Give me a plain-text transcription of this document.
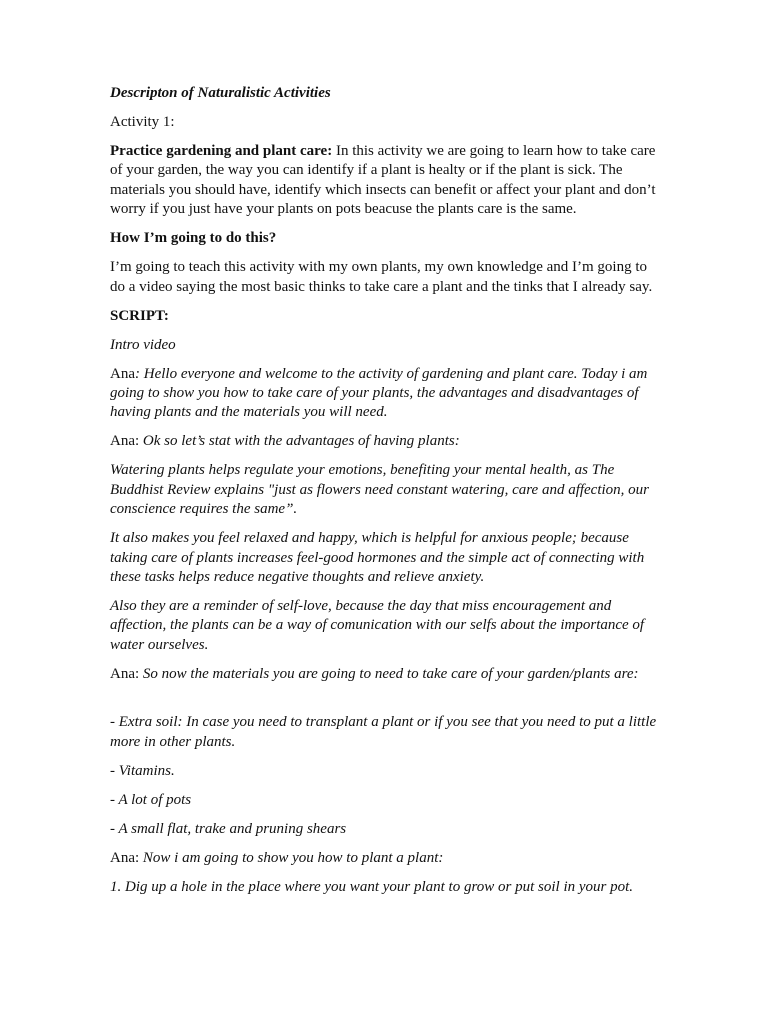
Descripton of Naturalistic Activities

Activity 1:

Practice gardening and plant care: In this activity we are going to learn how to take care of your garden, the way you can identify if a plant is healty or if the plant is sick. The materials you should have, identify which insects can benefit or affect your plant and don’t worry if you just have your plants on pots beacuse the plants care is the same.

How I’m going to do this?

I’m going to teach this activity with my own plants, my own knowledge and I’m going to do a video saying the most basic thinks to take care a plant and the tinks that I already say.

SCRIPT:

Intro video

Ana: Hello everyone and welcome to the activity of gardening and plant care. Today i am going to show you how to take care of your plants, the advantages and disadvantages of having plants and the materials you will need.

Ana: Ok so let’s stat with the advantages of having plants:

Watering plants helps regulate your emotions, benefiting your mental health, as The Buddhist Review explains "just as flowers need constant watering, care and affection, our conscience requires the same”.

It also makes you feel relaxed and happy, which is helpful for anxious people; because taking care of plants increases feel-good hormones and the simple act of connecting with these tasks helps reduce negative thoughts and relieve anxiety.

Also they are a reminder of self-love, because the day that miss encouragement and affection, the plants can be a way of comunication with our selfs about the importance of water ourselves.

Ana: So now the materials you are going to need to take care of your garden/plants are:

- Extra soil: In case you need to transplant a plant or if you see that you need to put a little more in other plants.

- Vitamins.

- A lot of pots

- A small flat, trake and pruning shears

Ana: Now i am going to show you how to plant a plant:

1. Dig up a hole in the place where you want your plant to grow or put soil in your pot.
